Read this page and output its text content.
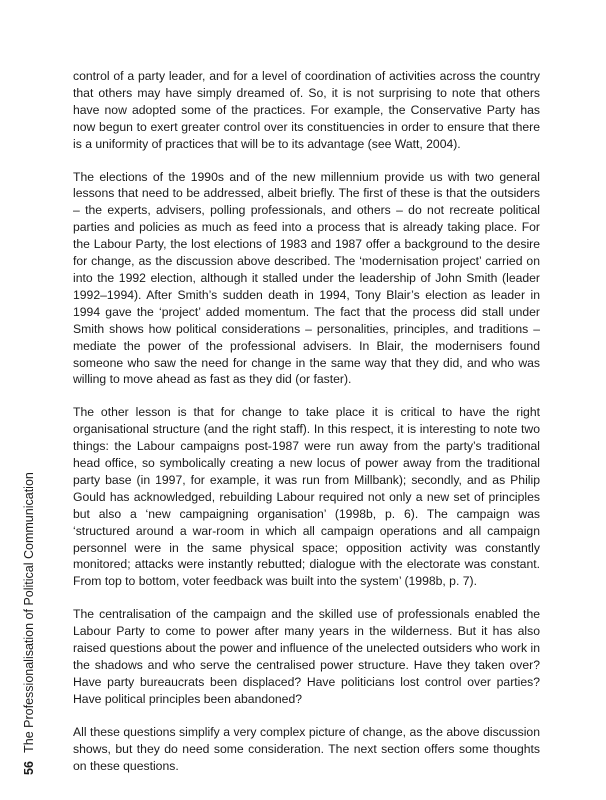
control of a party leader, and for a level of coordination of activities across the country that others may have simply dreamed of. So, it is not surprising to note that others have now adopted some of the practices. For example, the Conservative Party has now begun to exert greater control over its constituencies in order to ensure that there is a uniformity of practices that will be to its advantage (see Watt, 2004).

The elections of the 1990s and of the new millennium provide us with two general lessons that need to be addressed, albeit briefly. The first of these is that the outsiders – the experts, advisers, polling professionals, and others – do not recreate political parties and policies as much as feed into a process that is already taking place. For the Labour Party, the lost elections of 1983 and 1987 offer a background to the desire for change, as the discussion above described. The ‘modernisation project’ carried on into the 1992 election, although it stalled under the leadership of John Smith (leader 1992–1994). After Smith’s sudden death in 1994, Tony Blair’s election as leader in 1994 gave the ‘project’ added momentum. The fact that the process did stall under Smith shows how political considerations – personalities, principles, and traditions – mediate the power of the professional advisers. In Blair, the modernisers found someone who saw the need for change in the same way that they did, and who was willing to move ahead as fast as they did (or faster).

The other lesson is that for change to take place it is critical to have the right organisational structure (and the right staff). In this respect, it is interesting to note two things: the Labour campaigns post-1987 were run away from the party’s traditional head office, so symbolically creating a new locus of power away from the traditional party base (in 1997, for example, it was run from Millbank); secondly, and as Philip Gould has acknowledged, rebuilding Labour required not only a new set of principles but also a ‘new campaigning organisation’ (1998b, p. 6). The campaign was ‘structured around a war-room in which all campaign operations and all campaign personnel were in the same physical space; opposition activity was constantly monitored; attacks were instantly rebutted; dialogue with the electorate was constant. From top to bottom, voter feedback was built into the system’ (1998b, p. 7).

The centralisation of the campaign and the skilled use of professionals enabled the Labour Party to come to power after many years in the wilderness. But it has also raised questions about the power and influence of the unelected outsiders who work in the shadows and who serve the centralised power structure. Have they taken over? Have party bureaucrats been displaced? Have politicians lost control over parties? Have political principles been abandoned?

All these questions simplify a very complex picture of change, as the above discussion shows, but they do need some consideration. The next section offers some thoughts on these questions.

56 The Professionalisation of Political Communication
